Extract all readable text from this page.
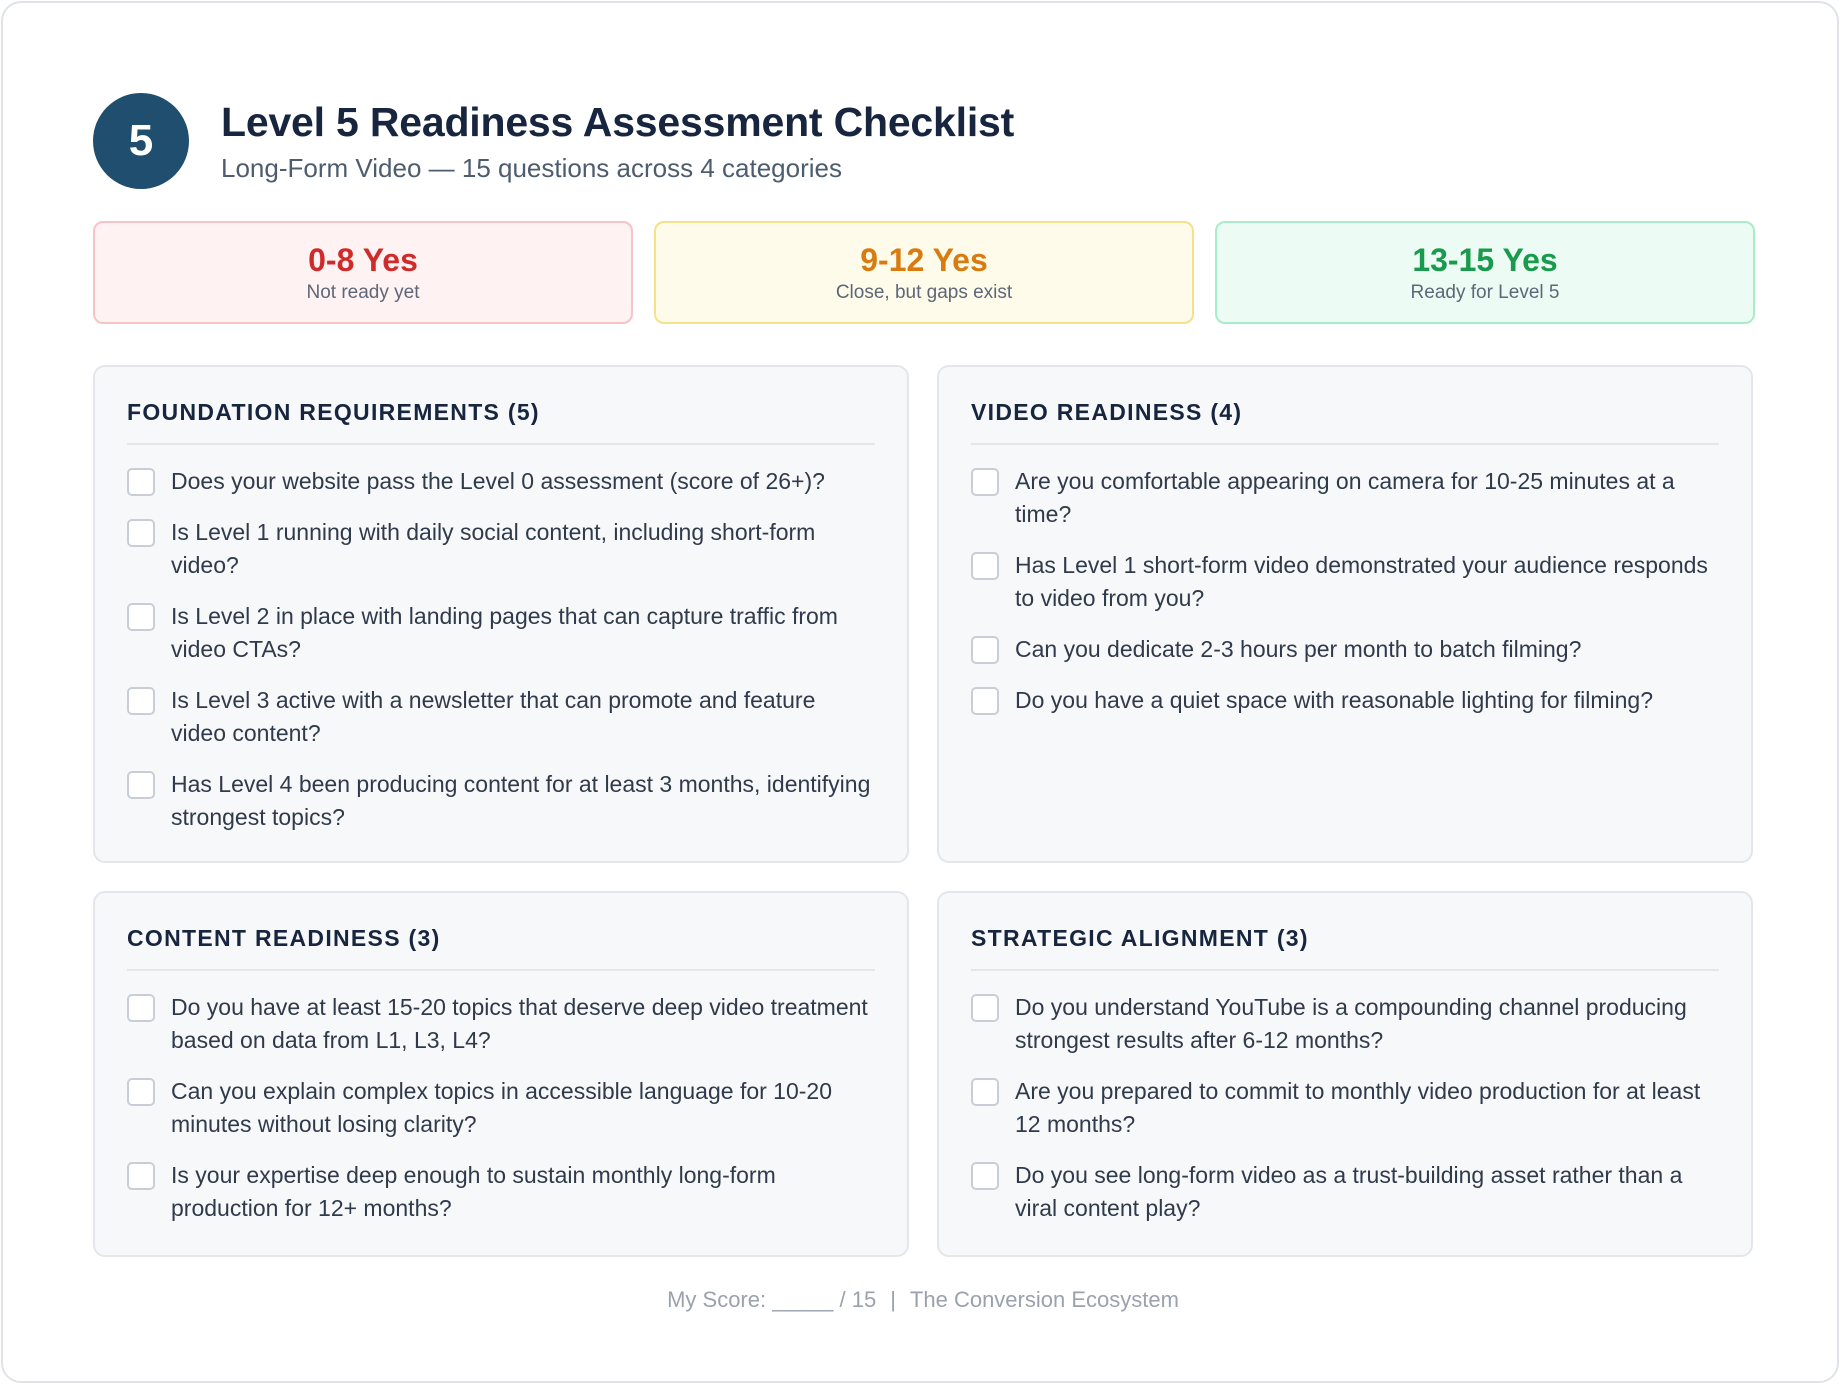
5	Level 5 Readiness Assessment Checklist
Long-Form Video — 15 questions across 4 categories
0-8 Yes
Not ready yet
9-12 Yes
Close, but gaps exist
13-15 Yes
Ready for Level 5
FOUNDATION REQUIREMENTS (5)
Does your website pass the Level 0 assessment (score of 26+)?
Is Level 1 running with daily social content, including short-form video?
Is Level 2 in place with landing pages that can capture traffic from video CTAs?
Is Level 3 active with a newsletter that can promote and feature video content?
Has Level 4 been producing content for at least 3 months, identifying strongest topics?
VIDEO READINESS (4)
Are you comfortable appearing on camera for 10-25 minutes at a time?
Has Level 1 short-form video demonstrated your audience responds to video from you?
Can you dedicate 2-3 hours per month to batch filming?
Do you have a quiet space with reasonable lighting for filming?
CONTENT READINESS (3)
Do you have at least 15-20 topics that deserve deep video treatment based on data from L1, L3, L4?
Can you explain complex topics in accessible language for 10-20 minutes without losing clarity?
Is your expertise deep enough to sustain monthly long-form production for 12+ months?
STRATEGIC ALIGNMENT (3)
Do you understand YouTube is a compounding channel producing strongest results after 6-12 months?
Are you prepared to commit to monthly video production for at least 12 months?
Do you see long-form video as a trust-building asset rather than a viral content play?
My Score: _____ / 15 | The Conversion Ecosystem
